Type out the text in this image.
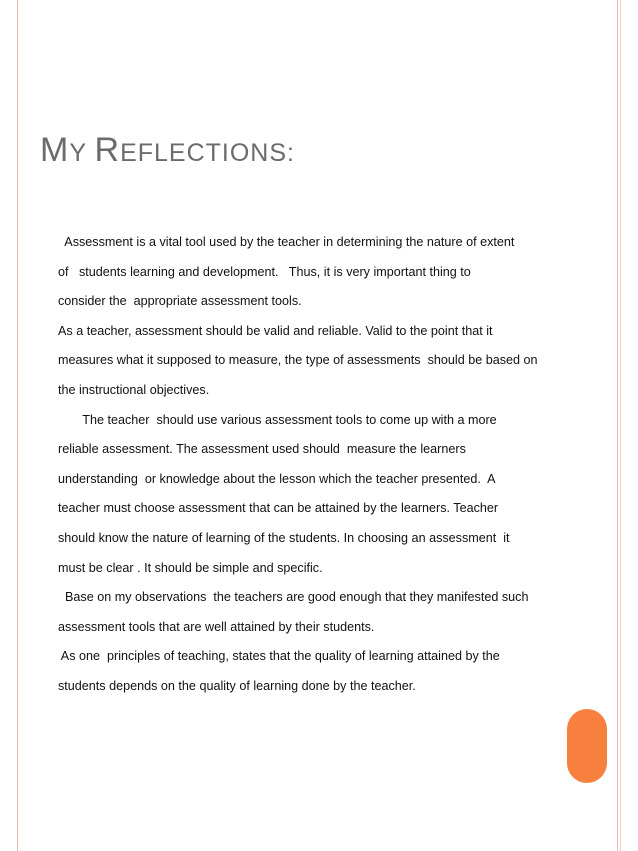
MY REFLECTIONS:
Assessment is a vital tool used by the teacher in determining the nature of extent
of   students learning and development.   Thus, it is very important thing to
consider the  appropriate assessment tools.
As a teacher, assessment should be valid and reliable. Valid to the point that it
measures what it supposed to measure, the type of assessments  should be based on
the instructional objectives.
The teacher  should use various assessment tools to come up with a more
reliable assessment. The assessment used should  measure the learners
understanding  or knowledge about the lesson which the teacher presented.  A
teacher must choose assessment that can be attained by the learners. Teacher
should know the nature of learning of the students. In choosing an assessment  it
must be clear . It should be simple and specific.
Base on my observations  the teachers are good enough that they manifested such
assessment tools that are well attained by their students.
As one  principles of teaching, states that the quality of learning attained by the
students depends on the quality of learning done by the teacher.
